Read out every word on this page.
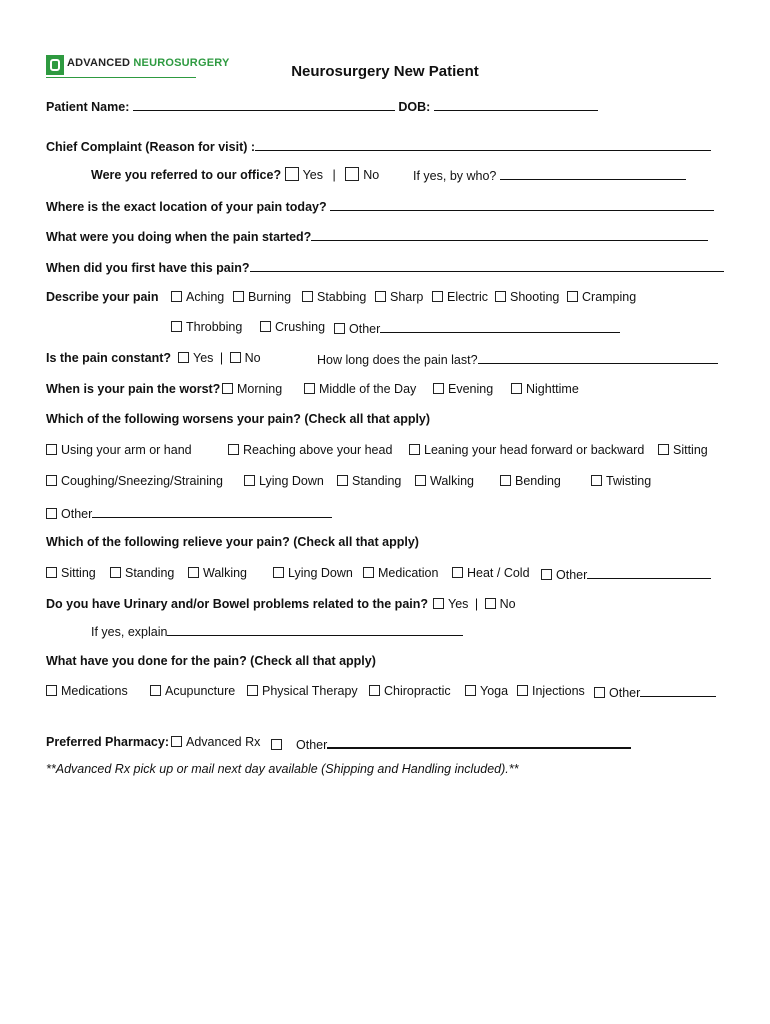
ADVANCED NEUROSURGERY	Neurosurgery New Patient
Patient Name:	DOB:
Chief Complaint (Reason for visit) :
Were you referred to our office? Yes | No	If yes, by who?
Where is the exact location of your pain today?
What were you doing when the pain started?
When did you first have this pain?
Describe your pain	Aching	Burning	Stabbing	Sharp	Electric	Shooting	Cramping
Throbbing	Crushing	Other
Is the pain constant?	Yes | No	How long does the pain last?
When is your pain the worst?	Morning	Middle of the Day	Evening	Nighttime
Which of the following worsens your pain? (Check all that apply)
Using your arm or hand	Reaching above your head	Leaning your head forward or backward	Sitting
Coughing/Sneezing/Straining	Lying Down	Standing	Walking	Bending	Twisting
Other
Which of the following relieve your pain? (Check all that apply)
Sitting	Standing	Walking	Lying Down	Medication	Heat / Cold	Other
Do you have Urinary and/or Bowel problems related to the pain?	Yes | No
If yes, explain
What have you done for the pain? (Check all that apply)
Medications	Acupuncture	Physical Therapy	Chiropractic	Yoga	Injections	Other
Preferred Pharmacy:	Advanced Rx	Other
**Advanced Rx pick up or mail next day available (Shipping and Handling included).**
